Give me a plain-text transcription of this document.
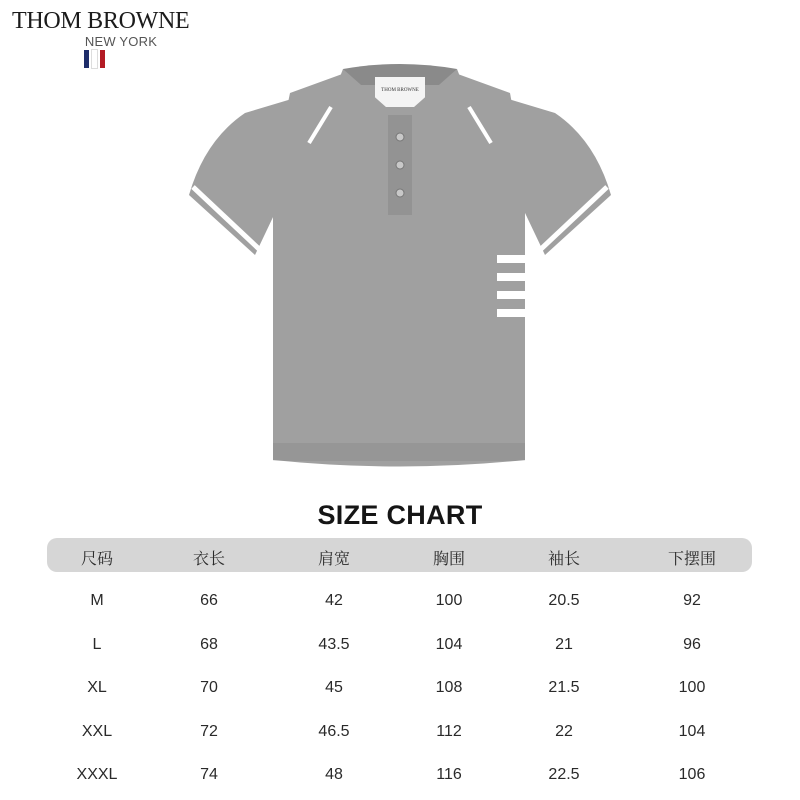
THOM BROWNE
NEW YORK
THOM BROWNE
SIZE CHART
尺码	衣长	肩宽	胸围	袖长	下摆围
M	66	42	100	20.5	92
L	68	43.5	104	21	96
XL	70	45	108	21.5	100
XXL	72	46.5	112	22	104
XXXL	74	48	116	22.5	106
